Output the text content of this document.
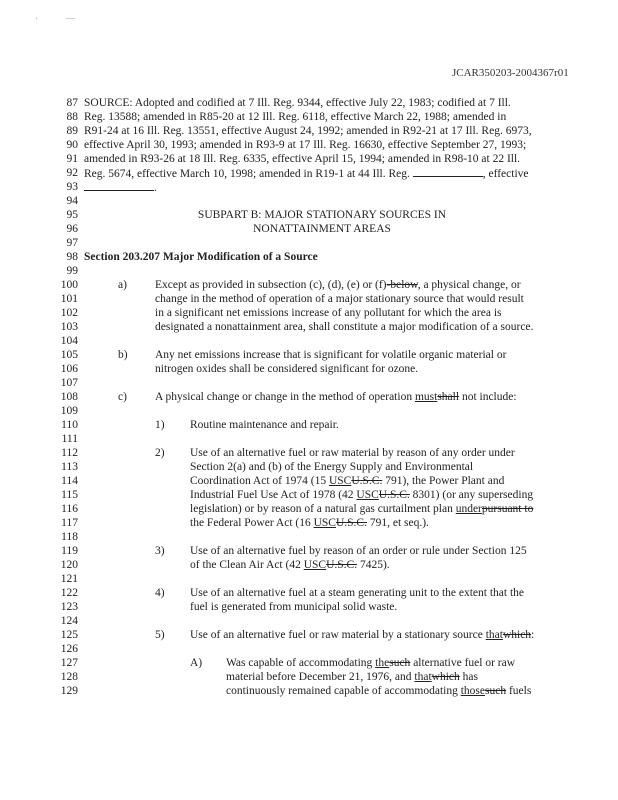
'	—
JCAR350203-2004367r01
87
88
89
90
91
92
93
94
95
96
97
98
99
100
101
102
103
104
105
106
107
108
109
110
111
112
113
114
115
116
117
118
119
120
121
122
123
124
125
126
127
128
129
SOURCE: Adopted and codified at 7 Ill. Reg. 9344, effective July 22, 1983; codified at 7 Ill.
Reg. 13588; amended in R85-20 at 12 Ill. Reg. 6118, effective March 22, 1988; amended in
R91-24 at 16 Ill. Reg. 13551, effective August 24, 1992; amended in R92-21 at 17 Ill. Reg. 6973,
effective April 30, 1993; amended in R93-9 at 17 Ill. Reg. 16630, effective September 27, 1993;
amended in R93-26 at 18 Ill. Reg. 6335, effective April 15, 1994; amended in R98-10 at 22 Ill.
Reg. 5674, effective March 10, 1998; amended in R19-1 at 44 Ill. Reg.	, effective
.
SUBPART B: MAJOR STATIONARY SOURCES IN
NONATTAINMENT AREAS
Section 203.207 Major Modification of a Source
a) Except as provided in subsection (c), (d), (e) or (f)-below, a physical change, or
change in the method of operation of a major stationary source that would result
in a significant net emissions increase of any pollutant for which the area is
designated a nonattainment area, shall constitute a major modification of a source.
b) Any net emissions increase that is significant for volatile organic material or
nitrogen oxides shall be considered significant for ozone.
c) A physical change or change in the method of operation mustshall not include:
1) Routine maintenance and repair.
2) Use of an alternative fuel or raw material by reason of any order under
Section 2(a) and (b) of the Energy Supply and Environmental
Coordination Act of 1974 (15 USCU.S.C. 791), the Power Plant and
Industrial Fuel Use Act of 1978 (42 USCU.S.C. 8301) (or any superseding
legislation) or by reason of a natural gas curtailment plan underpursuant to
the Federal Power Act (16 USCU.S.C. 791, et seq.).
3) Use of an alternative fuel by reason of an order or rule under Section 125
of the Clean Air Act (42 USCU.S.C. 7425).
4) Use of an alternative fuel at a steam generating unit to the extent that the
fuel is generated from municipal solid waste.
5) Use of an alternative fuel or raw material by a stationary source thatwhich:
A) Was capable of accommodating thesuch alternative fuel or raw
material before December 21, 1976, and thatwhich has
continuously remained capable of accommodating thosesuch fuels
